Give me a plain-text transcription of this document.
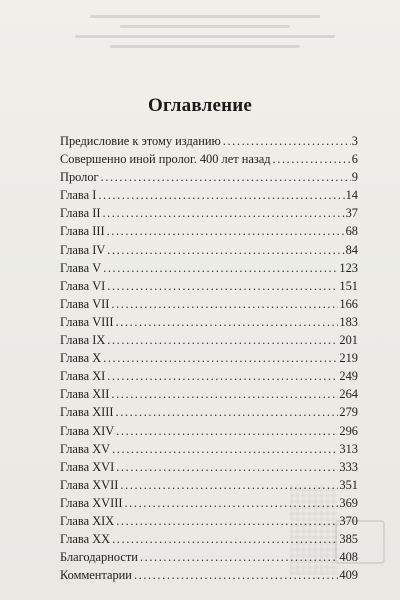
Оглавление
Предисловие к этому изданию . . .	3
Совершенно иной пролог. 400 лет назад . . .	6
Пролог . . .	9
Глава I . . .	14
Глава II . . .	37
Глава III . . .	68
Глава IV . . .	84
Глава V . . .	123
Глава VI . . .	151
Глава VII . . .	166
Глава VIII . . .	183
Глава IX . . .	201
Глава X . . .	219
Глава XI . . .	249
Глава XII . . .	264
Глава XIII . . .	279
Глава XIV . . .	296
Глава XV . . .	313
Глава XVI . . .	333
Глава XVII . . .	351
Глава XVIII . . .	369
Глава XIX . . .	370
Глава XX . . .	385
Благодарности . . .	408
Комментарии . . .	409
